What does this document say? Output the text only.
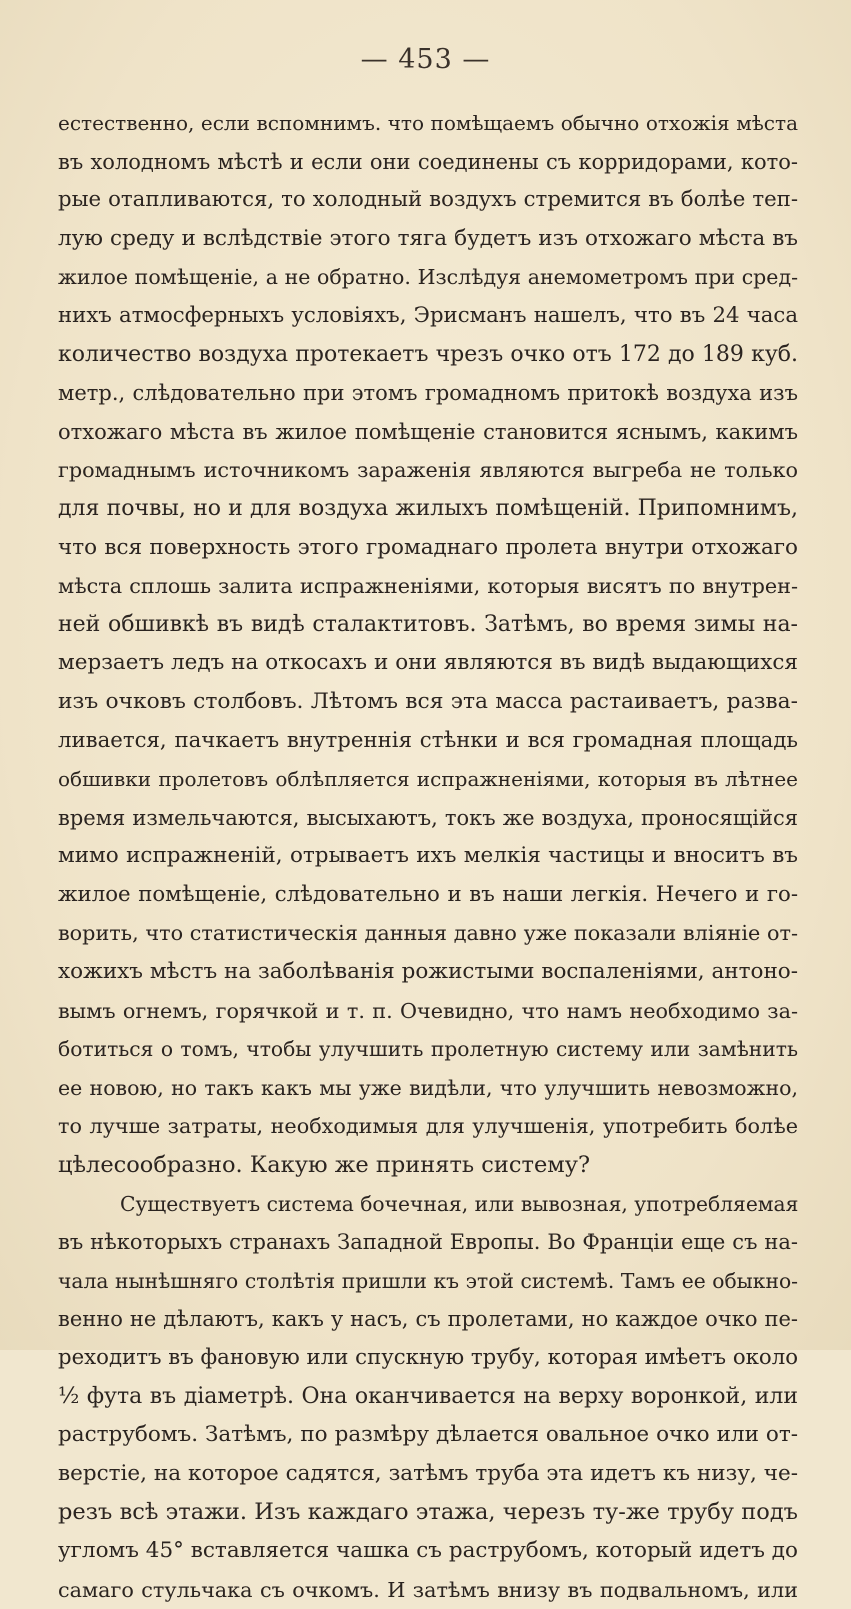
— 453 —
естественно, если вспомнимъ. что помѣщаемъ обычно отхожія мѣста
въ холодномъ мѣстѣ и если они соединены съ корридорами, кото-
рые отапливаются, то холодный воздухъ стремится въ болѣе теп-
лую среду и вслѣдствіе этого тяга будетъ изъ отхожаго мѣста въ
жилое помѣщеніе, а не обратно. Изслѣдуя анемометромъ при сред-
нихъ атмосферныхъ условіяхъ, Эрисманъ нашелъ, что въ 24 часа
количество воздуха протекаетъ чрезъ очко отъ 172 до 189 куб.
метр., слѣдовательно при этомъ громадномъ притокѣ воздуха изъ
отхожаго мѣста въ жилое помѣщеніе становится яснымъ, какимъ
громаднымъ источникомъ зараженія являются выгреба не только
для почвы, но и для воздуха жилыхъ помѣщеній. Припомнимъ,
что вся поверхность этого громаднаго пролета внутри отхожаго
мѣста сплошь залита испражненіями, которыя висятъ по внутрен-
ней обшивкѣ въ видѣ сталактитовъ. Затѣмъ, во время зимы на-
мерзаетъ ледъ на откосахъ и они являются въ видѣ выдающихся
изъ очковъ столбовъ. Лѣтомъ вся эта масса растаиваетъ, разва-
ливается, пачкаетъ внутреннія стѣнки и вся громадная площадь
обшивки пролетовъ облѣпляется испражненіями, которыя въ лѣтнее
время измельчаются, высыхаютъ, токъ же воздуха, проносящійся
мимо испражненій, отрываетъ ихъ мелкія частицы и вноситъ въ
жилое помѣщеніе, слѣдовательно и въ наши легкія. Нечего и го-
ворить, что статистическія данныя давно уже показали вліяніе от-
хожихъ мѣстъ на заболѣванія рожистыми воспаленіями, антоно-
вымъ огнемъ, горячкой и т. п. Очевидно, что намъ необходимо за-
ботиться о томъ, чтобы улучшить пролетную систему или замѣнить
ее новою, но такъ какъ мы уже видѣли, что улучшить невозможно,
то лучше затраты, необходимыя для улучшенія, употребить болѣе
цѣлесообразно. Какую же принять систему?
Существуетъ система бочечная, или вывозная, употребляемая
въ нѣкоторыхъ странахъ Западной Европы. Во Франціи еще съ на-
чала нынѣшняго столѣтія пришли къ этой системѣ. Тамъ ее обыкно-
венно не дѣлаютъ, какъ у насъ, съ пролетами, но каждое очко пе-
реходитъ въ фановую или спускную трубу, которая имѣетъ около
½ фута въ діаметрѣ. Она оканчивается на верху воронкой, или
раструбомъ. Затѣмъ, по размѣру дѣлается овальное очко или от-
верстіе, на которое садятся, затѣмъ труба эта идетъ къ низу, че-
резъ всѣ этажи. Изъ каждаго этажа, черезъ ту-же трубу подъ
угломъ 45° вставляется чашка съ раструбомъ, который идетъ до
самаго стульчака съ очкомъ. И затѣмъ внизу въ подвальномъ, или
